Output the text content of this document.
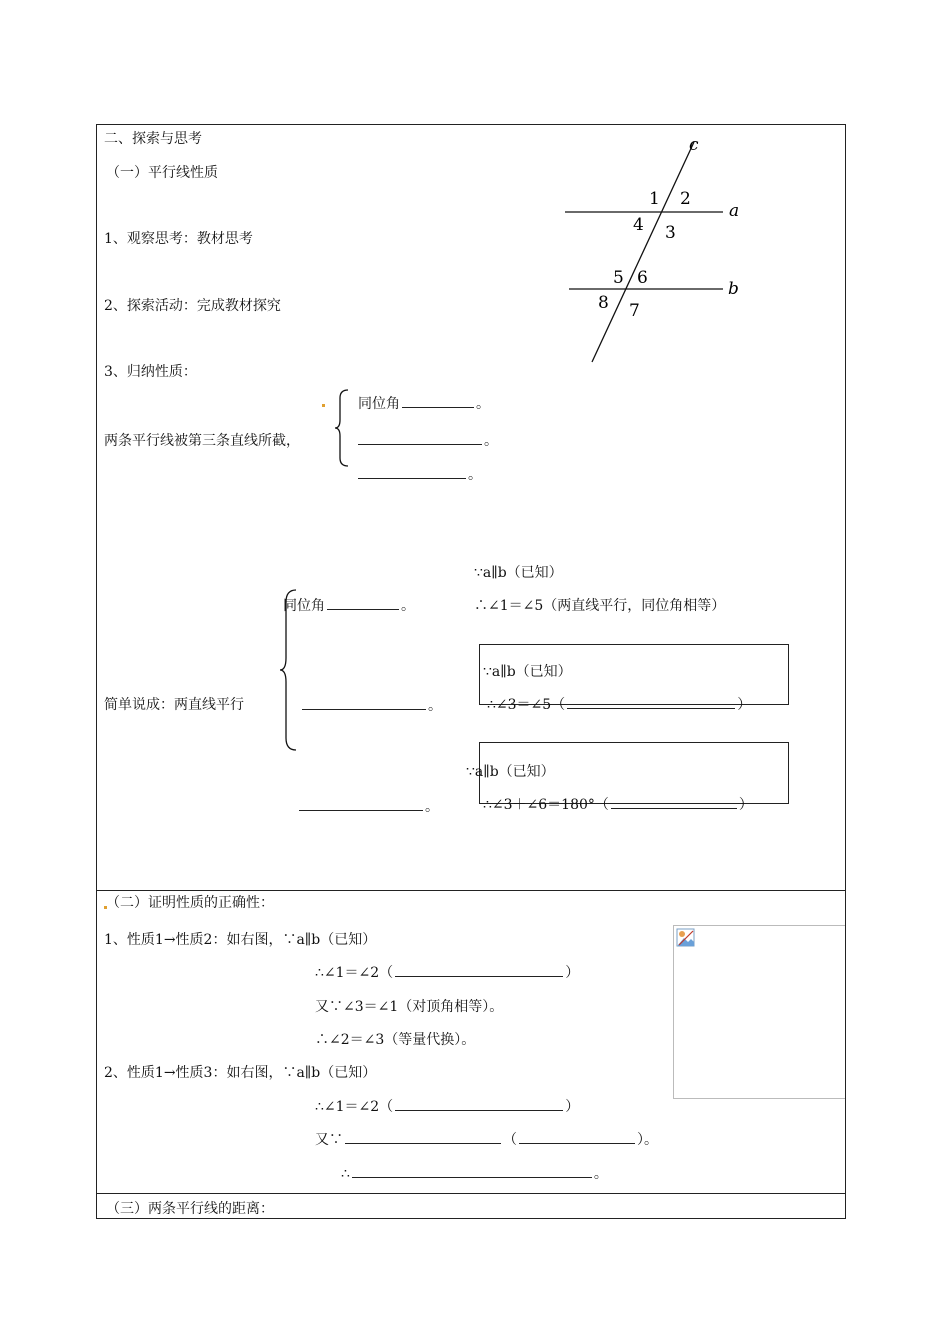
二、探索与思考
（一）平行线性质
1、观察思考：教材思考
2、探索活动：完成教材探究
3、归纳性质：
c
a
b
1 2
3
4
5 6
7
8
两条平行线被第三条直线所截，
同位角	。
。
。
∵a∥b（已知）
∴∠1＝∠5（两直线平行，同位角相等）
同位角	。
简单说成：两直线平行	。
。
∵a∥b（已知）
∴∠3＝∠5（	）
∵a∥b（已知）
∴∠3＋∠6＝180°（	）
（二）证明性质的正确性：
1、性质1→性质2：如右图，∵a∥b（已知）
∴∠1＝∠2（	）
又∵∠3＝∠1（对顶角相等）。
∴∠2＝∠3（等量代换）。
2、性质1→性质3：如右图，∵a∥b（已知）
∴∠1＝∠2（	）
又∵	（	）。
∴	。
（三）两条平行线的距离：
